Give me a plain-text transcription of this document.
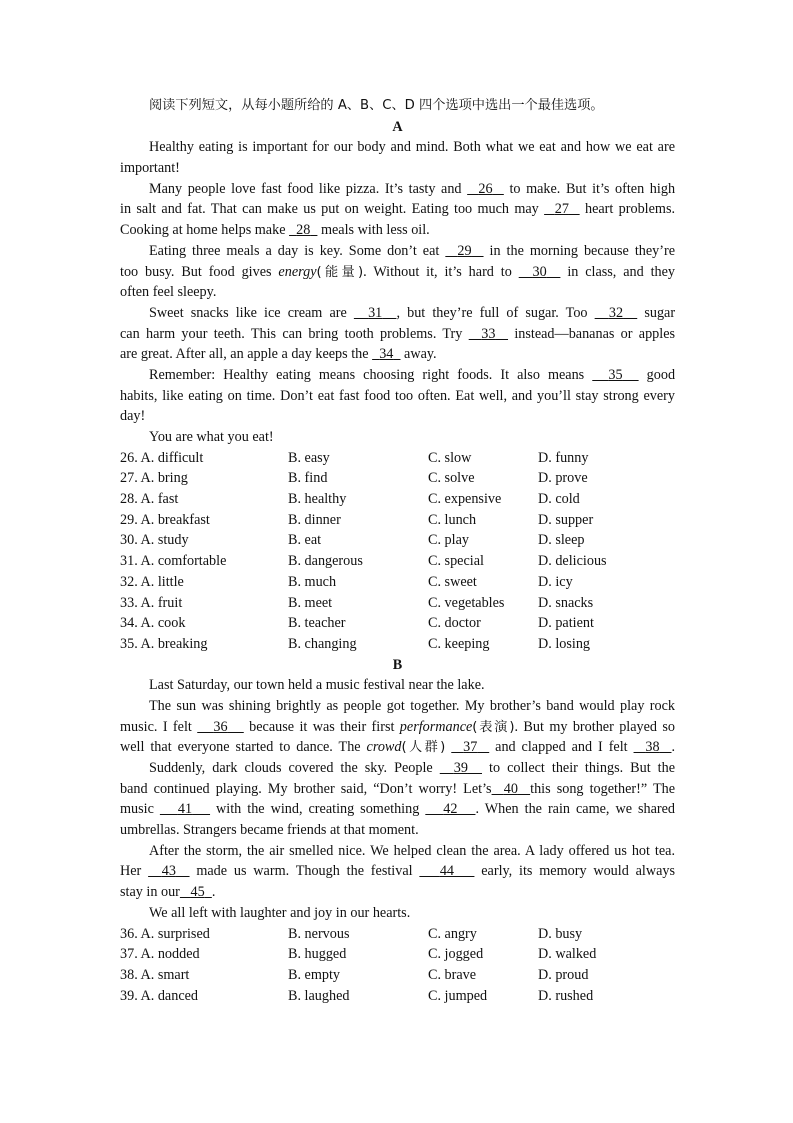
阅读下列短文，从每小题所给的 A、B、C、D 四个选项中选出一个最佳选项。
A
Healthy eating is important for our body and mind. Both what we eat and how we eat are
important!
Many people love fast food like pizza. It’s tasty and 26 to make. But it’s often high
in salt and fat. That can make us put on weight. Eating too much may 27 heart problems.
Cooking at home helps make 28 meals with less oil.
Eating three meals a day is key. Some don’t eat 29 in the morning because they’re
too busy. But food gives energy(能量). Without it, it’s hard to 30 in class, and they
often feel sleepy.
Sweet snacks like ice cream are 31 , but they’re full of sugar. Too 32 sugar
can harm your teeth. This can bring tooth problems. Try 33 instead—bananas or apples
are great. After all, an apple a day keeps the 34 away.
Remember: Healthy eating means choosing right foods. It also means 35 good
habits, like eating on time. Don’t eat fast food too often. Eat well, and you’ll stay strong every
day!
You are what you eat!
26. A. difficult	B. easy	C. slow	D. funny
27. A. bring	B. find	C. solve	D. prove
28. A. fast	B. healthy	C. expensive	D. cold
29. A. breakfast	B. dinner	C. lunch	D. supper
30. A. study	B. eat	C. play	D. sleep
31. A. comfortable	B. dangerous	C. special	D. delicious
32. A. little	B. much	C. sweet	D. icy
33. A. fruit	B. meet	C. vegetables D. snacks
34. A. cook	B. teacher	C. doctor	D. patient
35. A. breaking	B. changing	C. keeping	D. losing
B
Last Saturday, our town held a music festival near the lake.
The sun was shining brightly as people got together. My brother’s band would play rock
music. I felt 36 because it was their first performance(表演). But my brother played so
well that everyone started to dance. The crowd(人群) 37 and clapped and I felt 38 .
Suddenly, dark clouds covered the sky. People 39 to collect their things. But the
band continued playing. My brother said, “Don’t worry! Let’s 40 this song together!” The
music 41 with the wind, creating something 42 . When the rain came, we shared
umbrellas. Strangers became friends at that moment.
After the storm, the air smelled nice. We helped clean the area. A lady offered us hot tea.
Her 43 made us warm. Though the festival 44 early, its memory would always
stay in our 45 .
We all left with laughter and joy in our hearts.
36. A. surprised	B. nervous	C. angry	D. busy
37. A. nodded	B. hugged	C. jogged	D. walked
38. A. smart	B. empty	C. brave	D. proud
39. A. danced	B. laughed	C. jumped	D. rushed
